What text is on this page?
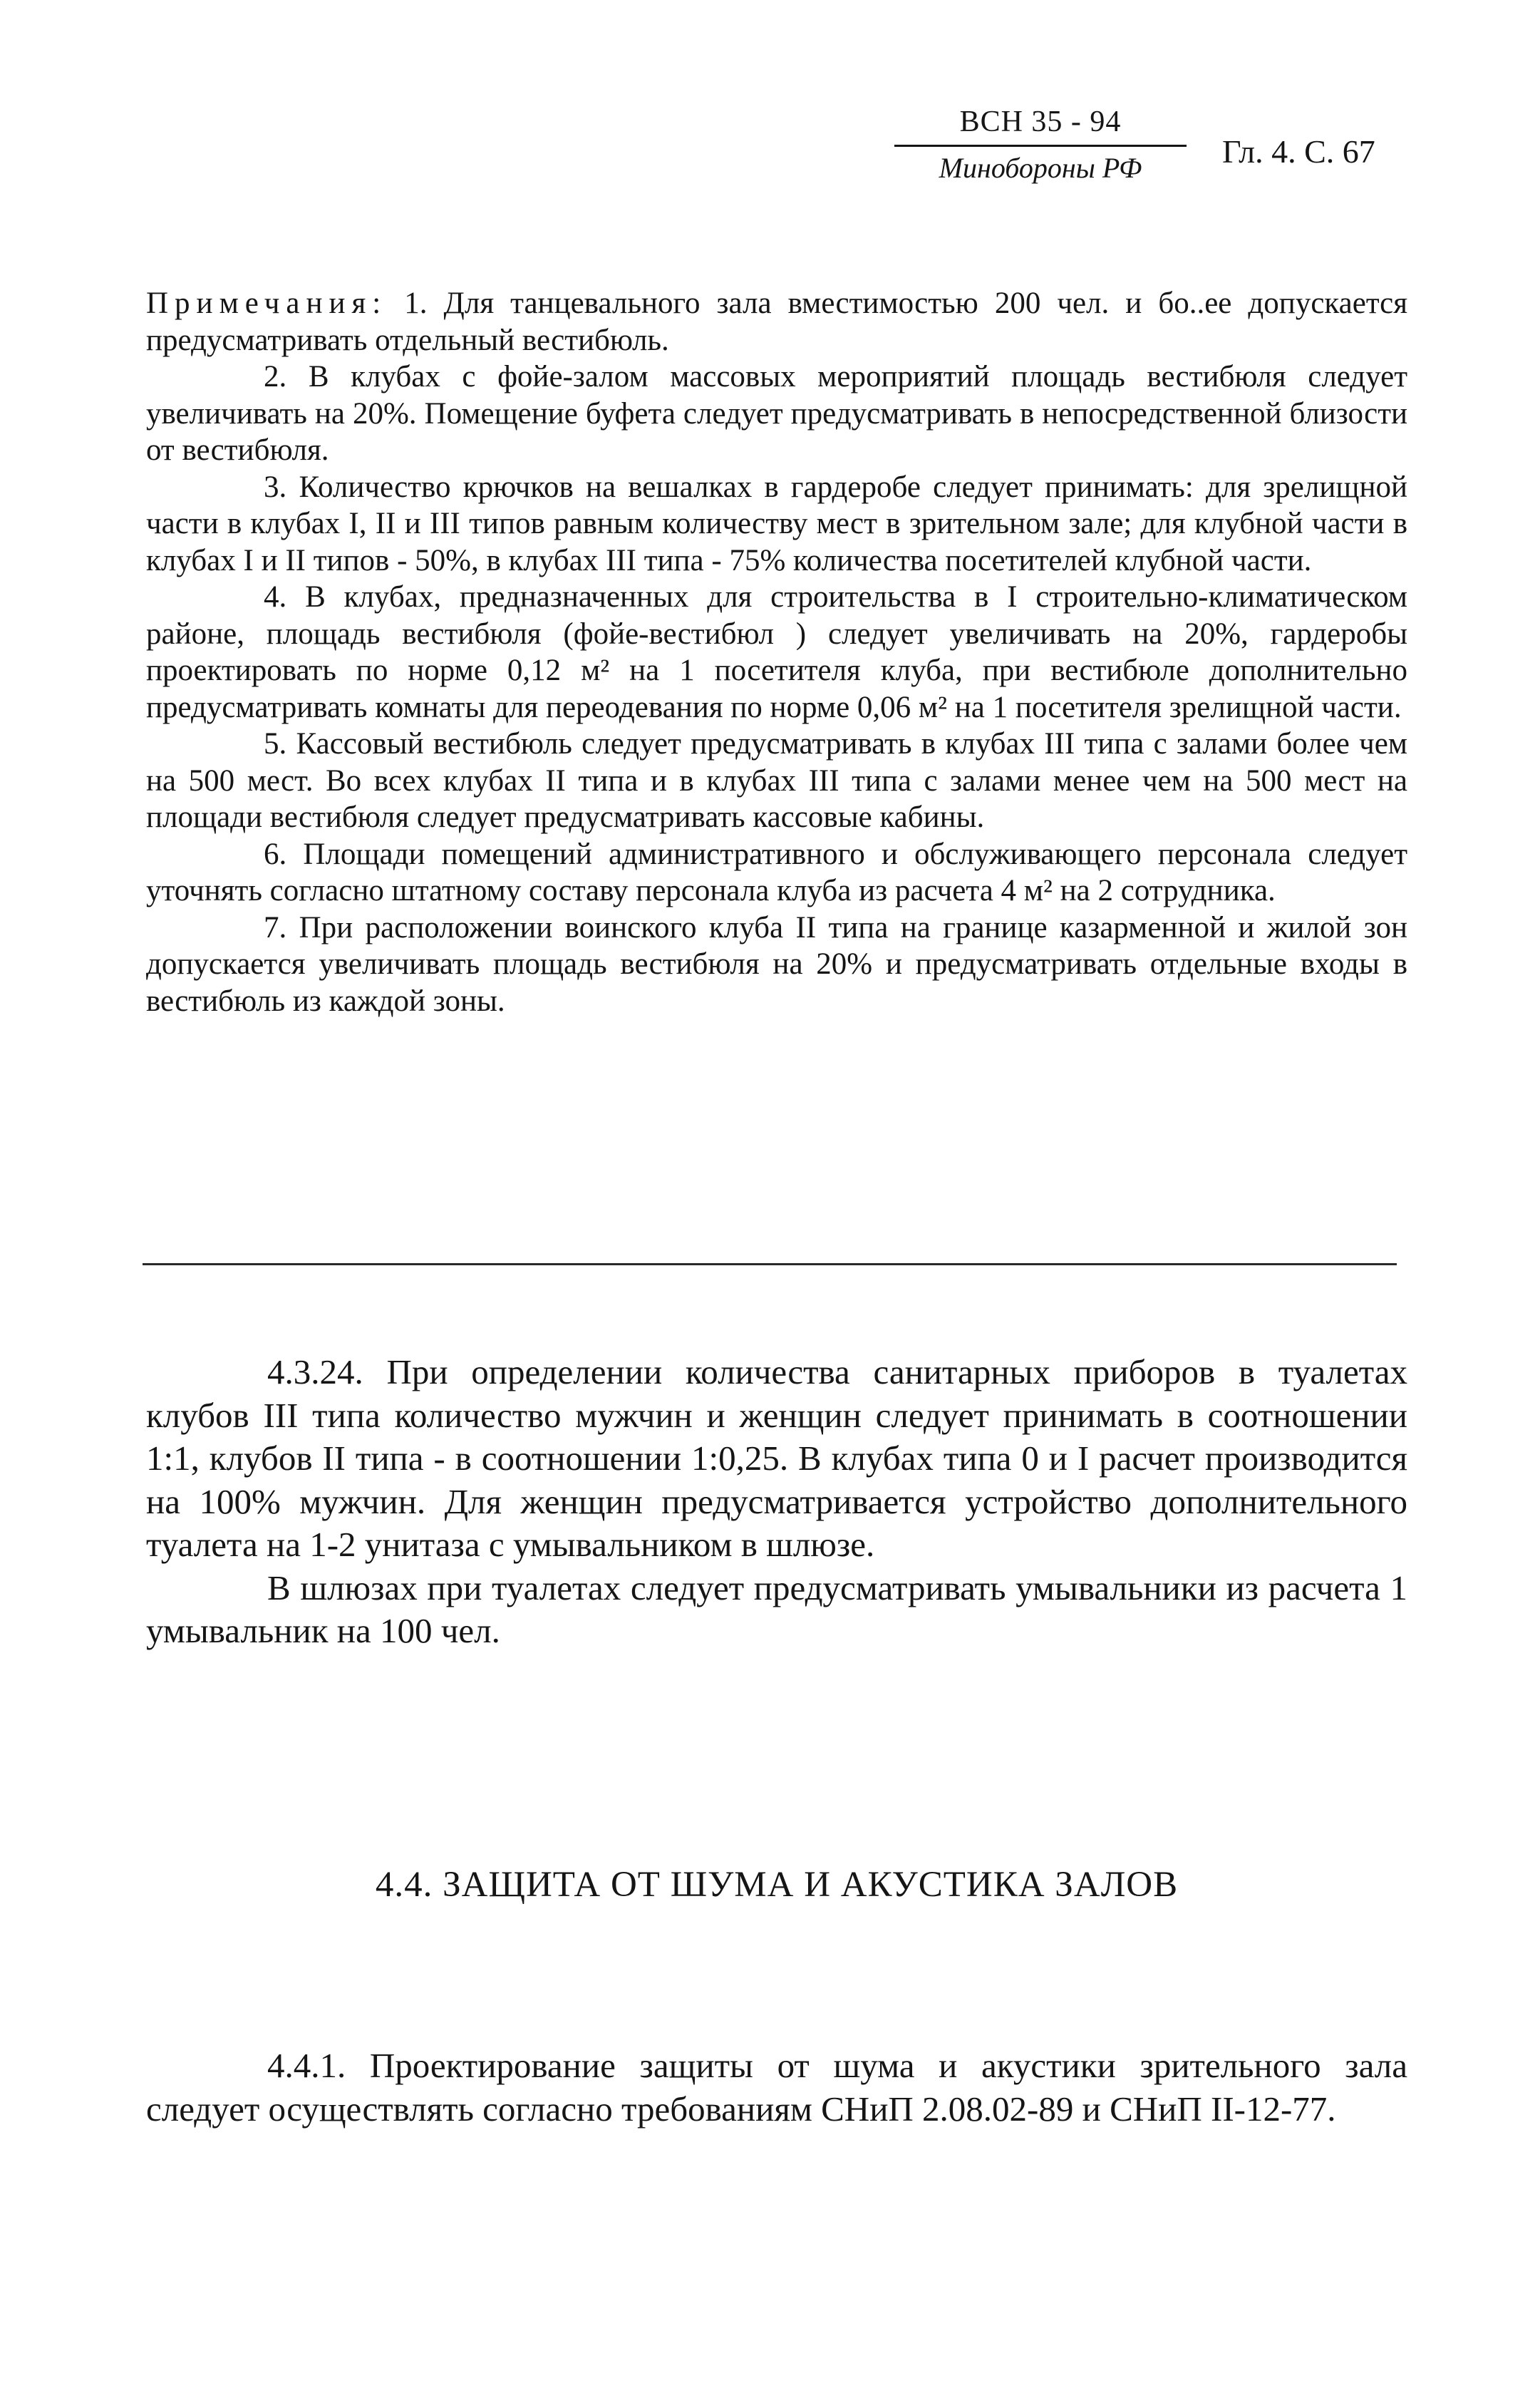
ВСН 35 - 94
Минобороны РФ	Гл. 4. С. 67

Примечания: 1. Для танцевального зала вместимостью 200 чел. и бо..ее допускается предусматривать отдельный вестибюль.

2. В клубах с фойе-залом массовых мероприятий площадь вестибюля следует увеличивать на 20%. Помещение буфета следует предусматривать в непосредственной близости от вестибюля.

3. Количество крючков на вешалках в гардеробе следует принимать: для зрелищной части в клубах I, II и III типов равным количеству мест в зрительном зале; для клубной части в клубах I и II типов - 50%, в клубах III типа - 75% количества посетителей клубной части.

4. В клубах, предназначенных для строительства в I строительно-климатическом районе, площадь вестибюля (фойе-вестибюл ) следует увеличивать на 20%, гардеробы проектировать по норме 0,12 м² на 1 посетителя клуба, при вестибюле дополнительно предусматривать комнаты для переодевания по норме 0,06 м² на 1 посетителя зрелищной части.

5. Кассовый вестибюль следует предусматривать в клубах III типа с залами более чем на 500 мест. Во всех клубах II типа и в клубах III типа с залами менее чем на 500 мест на площади вестибюля следует предусматривать кассовые кабины.

6. Площади помещений административного и обслуживающего персонала следует уточнять согласно штатному составу персонала клуба из расчета 4 м² на 2 сотрудника.

7. При расположении воинского клуба II типа на границе казарменной и жилой зон допускается увеличивать площадь вестибюля на 20% и предусматривать отдельные входы в вестибюль из каждой зоны.

4.3.24. При определении количества санитарных приборов в туалетах клубов III типа количество мужчин и женщин следует принимать в соотношении 1:1, клубов II типа - в соотношении 1:0,25. В клубах типа 0 и I расчет производится на 100% мужчин. Для женщин предусматривается устройство дополнительного туалета на 1-2 унитаза с умывальником в шлюзе.

В шлюзах при туалетах следует предусматривать умывальники из расчета 1 умывальник на 100 чел.

4.4. ЗАЩИТА ОТ ШУМА И АКУСТИКА ЗАЛОВ

4.4.1. Проектирование защиты от шума и акустики зрительного зала следует осуществлять согласно требованиям СНиП 2.08.02-89 и СНиП II-12-77.
